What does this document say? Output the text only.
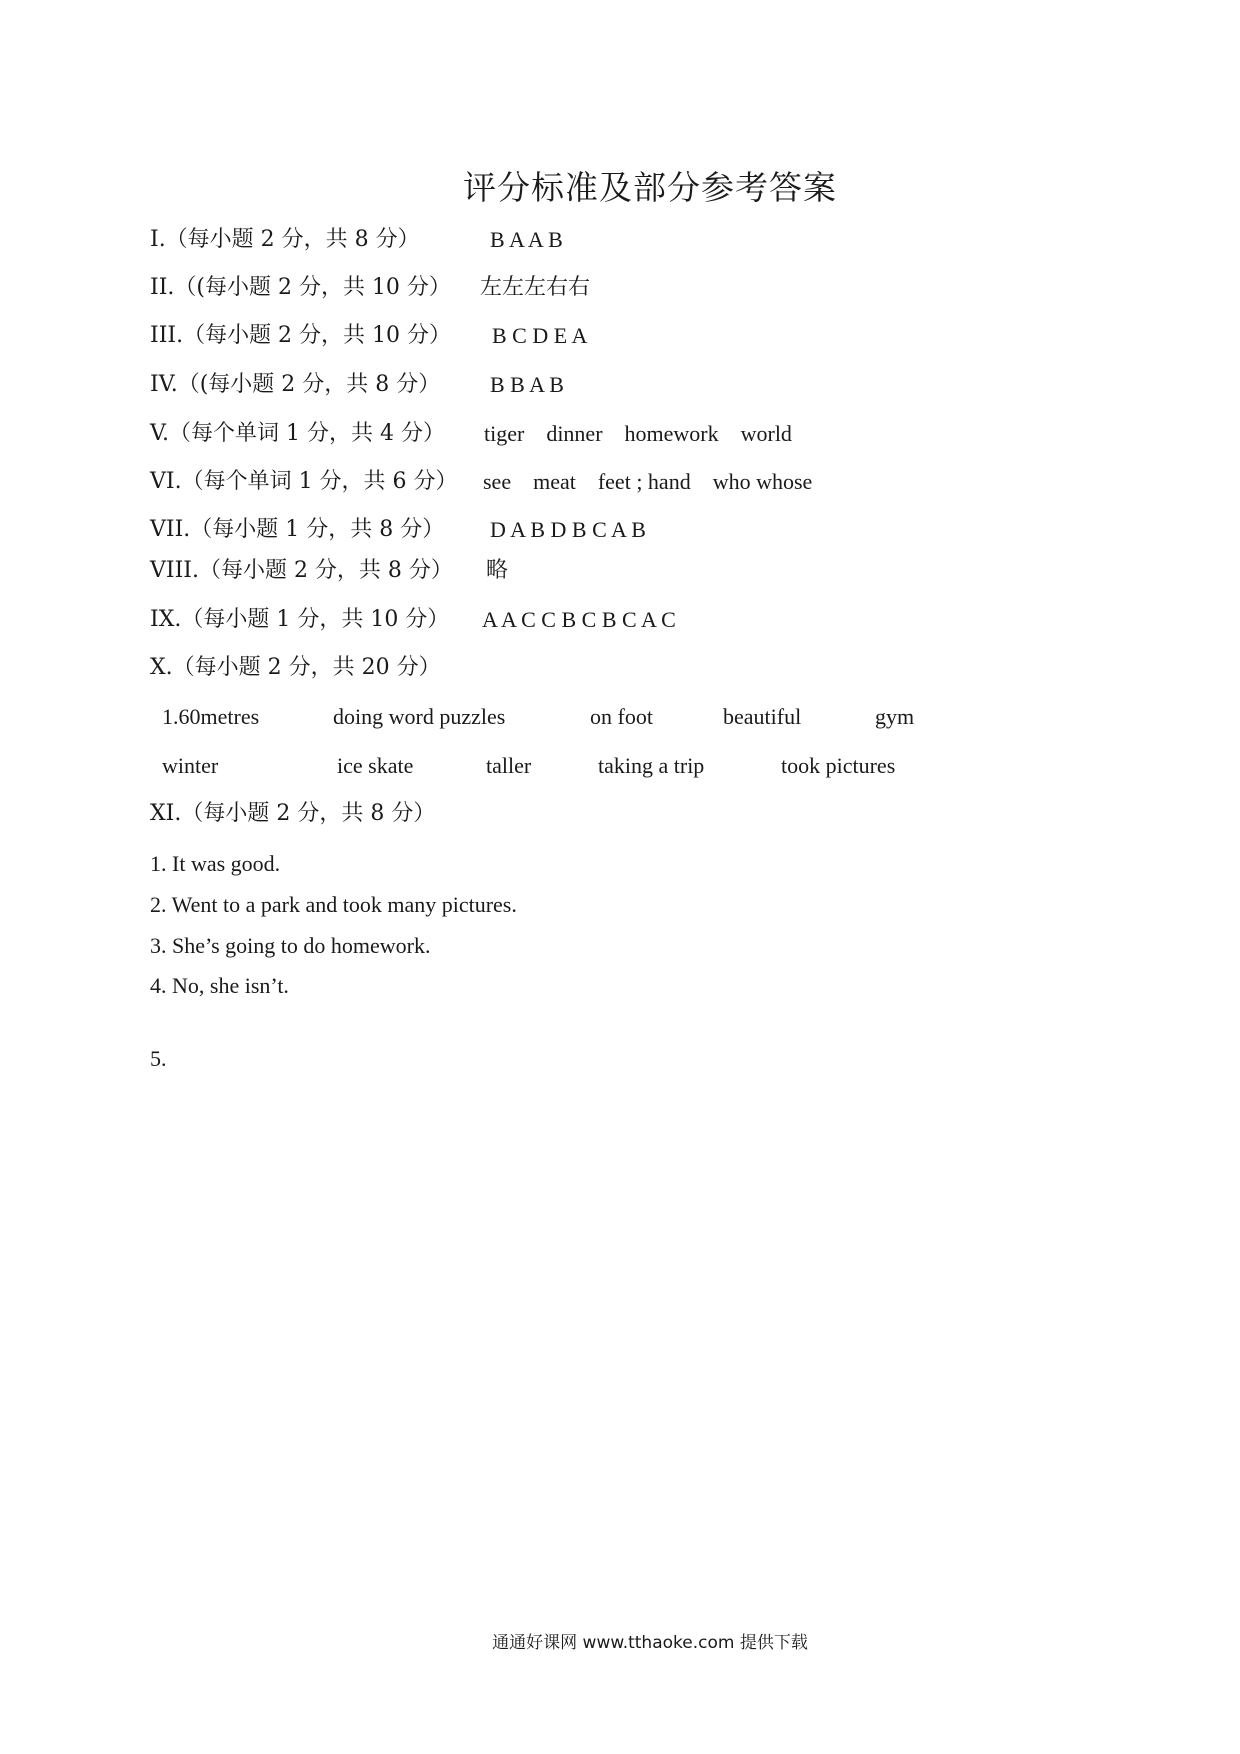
评分标准及部分参考答案
I.（每小题 2 分，共 8 分）	B A A B
II.（(每小题 2 分，共 10 分） 左左左右右
III.（每小题 2 分，共 10 分） B C D E A
IV.（(每小题 2 分，共 8 分） B B A B
V.（每个单词 1 分，共 4 分） tiger    dinner    homework    world
VI.（每个单词 1 分，共 6 分） see    meat    feet ; hand    who whose
VII.（每小题 1 分，共 8 分） D A B D B C A B
VIII.（每小题 2 分，共 8 分） 略
IX.（每小题 1 分，共 10 分） A A C C B C B C A C
X.（每小题 2 分，共 20 分）
1.60metres	doing word puzzles	on foot	beautiful	gym
winter	ice skate	taller	taking a trip	took pictures
XI.（每小题 2 分，共 8 分）
1. It was good.
2. Went to a park and took many pictures.
3. She’s going to do homework.
4. No, she isn’t.
5.
通通好课网 www.tthaoke.com 提供下载
